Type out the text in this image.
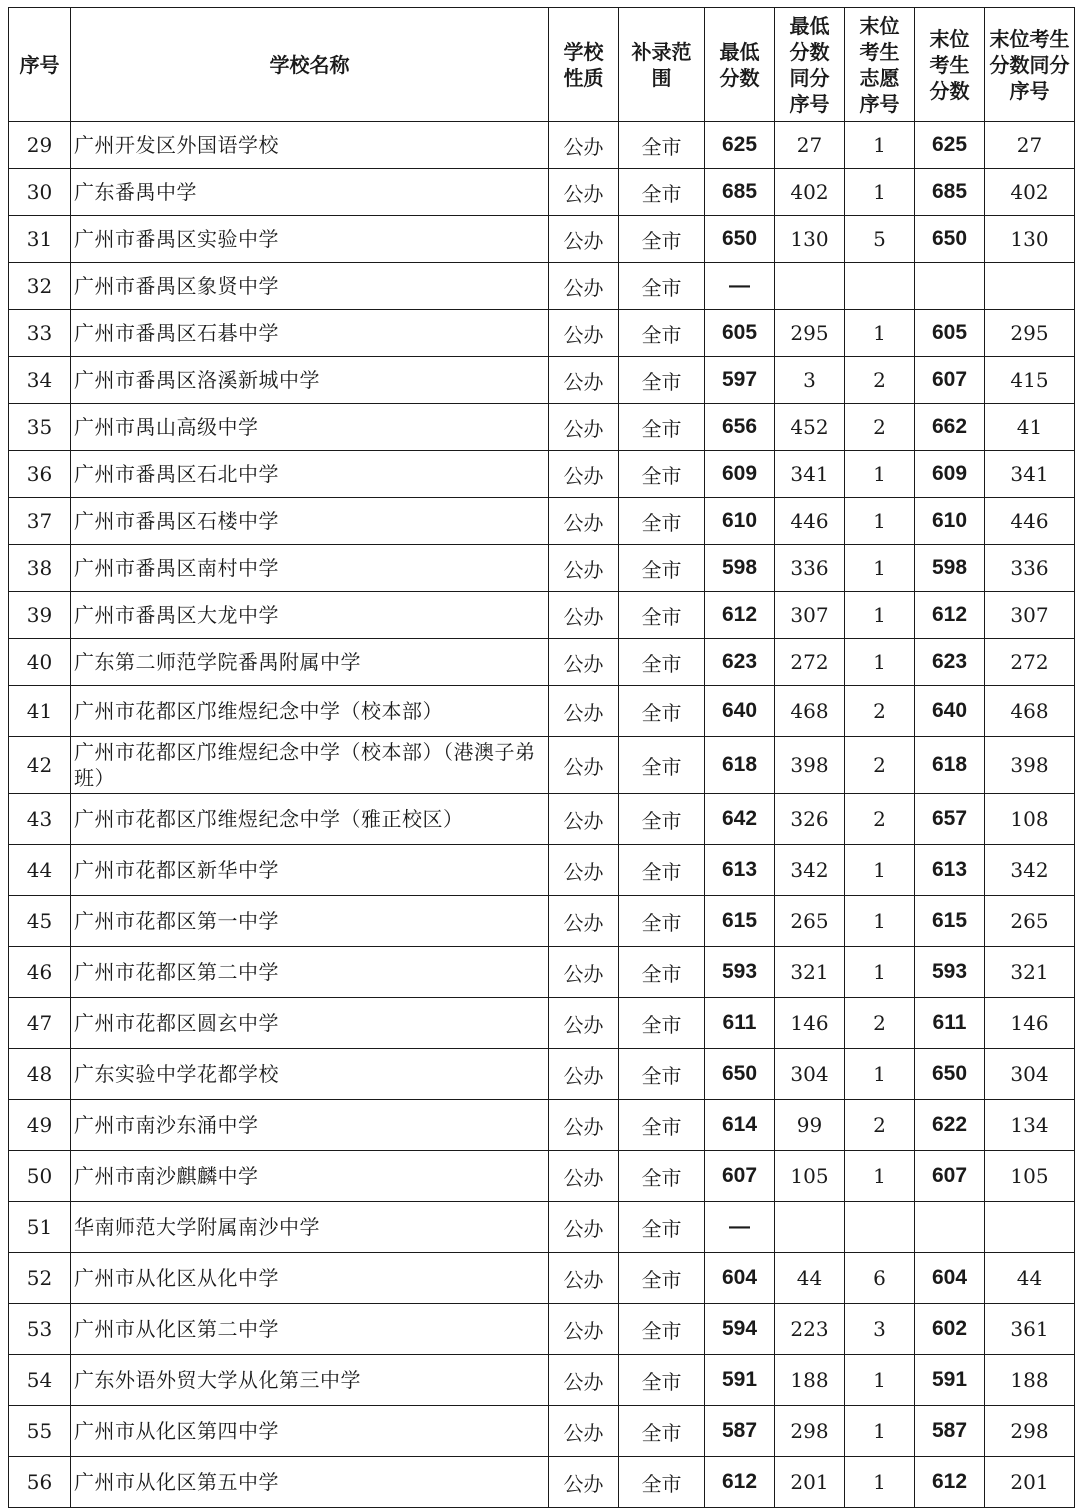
序号	学校名称	学校性质	补录范围	最低分数	最低分数同分序号	末位考生志愿序号	末位考生分数	末位考生分数同分序号
29	广州开发区外国语学校	公办	全市	625	27	1	625	27
30	广东番禺中学	公办	全市	685	402	1	685	402
31	广州市番禺区实验中学	公办	全市	650	130	5	650	130
32	广州市番禺区象贤中学	公办	全市	—				
33	广州市番禺区石碁中学	公办	全市	605	295	1	605	295
34	广州市番禺区洛溪新城中学	公办	全市	597	3	2	607	415
35	广州市禺山高级中学	公办	全市	656	452	2	662	41
36	广州市番禺区石北中学	公办	全市	609	341	1	609	341
37	广州市番禺区石楼中学	公办	全市	610	446	1	610	446
38	广州市番禺区南村中学	公办	全市	598	336	1	598	336
39	广州市番禺区大龙中学	公办	全市	612	307	1	612	307
40	广东第二师范学院番禺附属中学	公办	全市	623	272	1	623	272
41	广州市花都区邝维煜纪念中学（校本部）	公办	全市	640	468	2	640	468
42	广州市花都区邝维煜纪念中学（校本部）（港澳子弟班）	公办	全市	618	398	2	618	398
43	广州市花都区邝维煜纪念中学（雅正校区）	公办	全市	642	326	2	657	108
44	广州市花都区新华中学	公办	全市	613	342	1	613	342
45	广州市花都区第一中学	公办	全市	615	265	1	615	265
46	广州市花都区第二中学	公办	全市	593	321	1	593	321
47	广州市花都区圆玄中学	公办	全市	611	146	2	611	146
48	广东实验中学花都学校	公办	全市	650	304	1	650	304
49	广州市南沙东涌中学	公办	全市	614	99	2	622	134
50	广州市南沙麒麟中学	公办	全市	607	105	1	607	105
51	华南师范大学附属南沙中学	公办	全市	—				
52	广州市从化区从化中学	公办	全市	604	44	6	604	44
53	广州市从化区第二中学	公办	全市	594	223	3	602	361
54	广东外语外贸大学从化第三中学	公办	全市	591	188	1	591	188
55	广州市从化区第四中学	公办	全市	587	298	1	587	298
56	广州市从化区第五中学	公办	全市	612	201	1	612	201
